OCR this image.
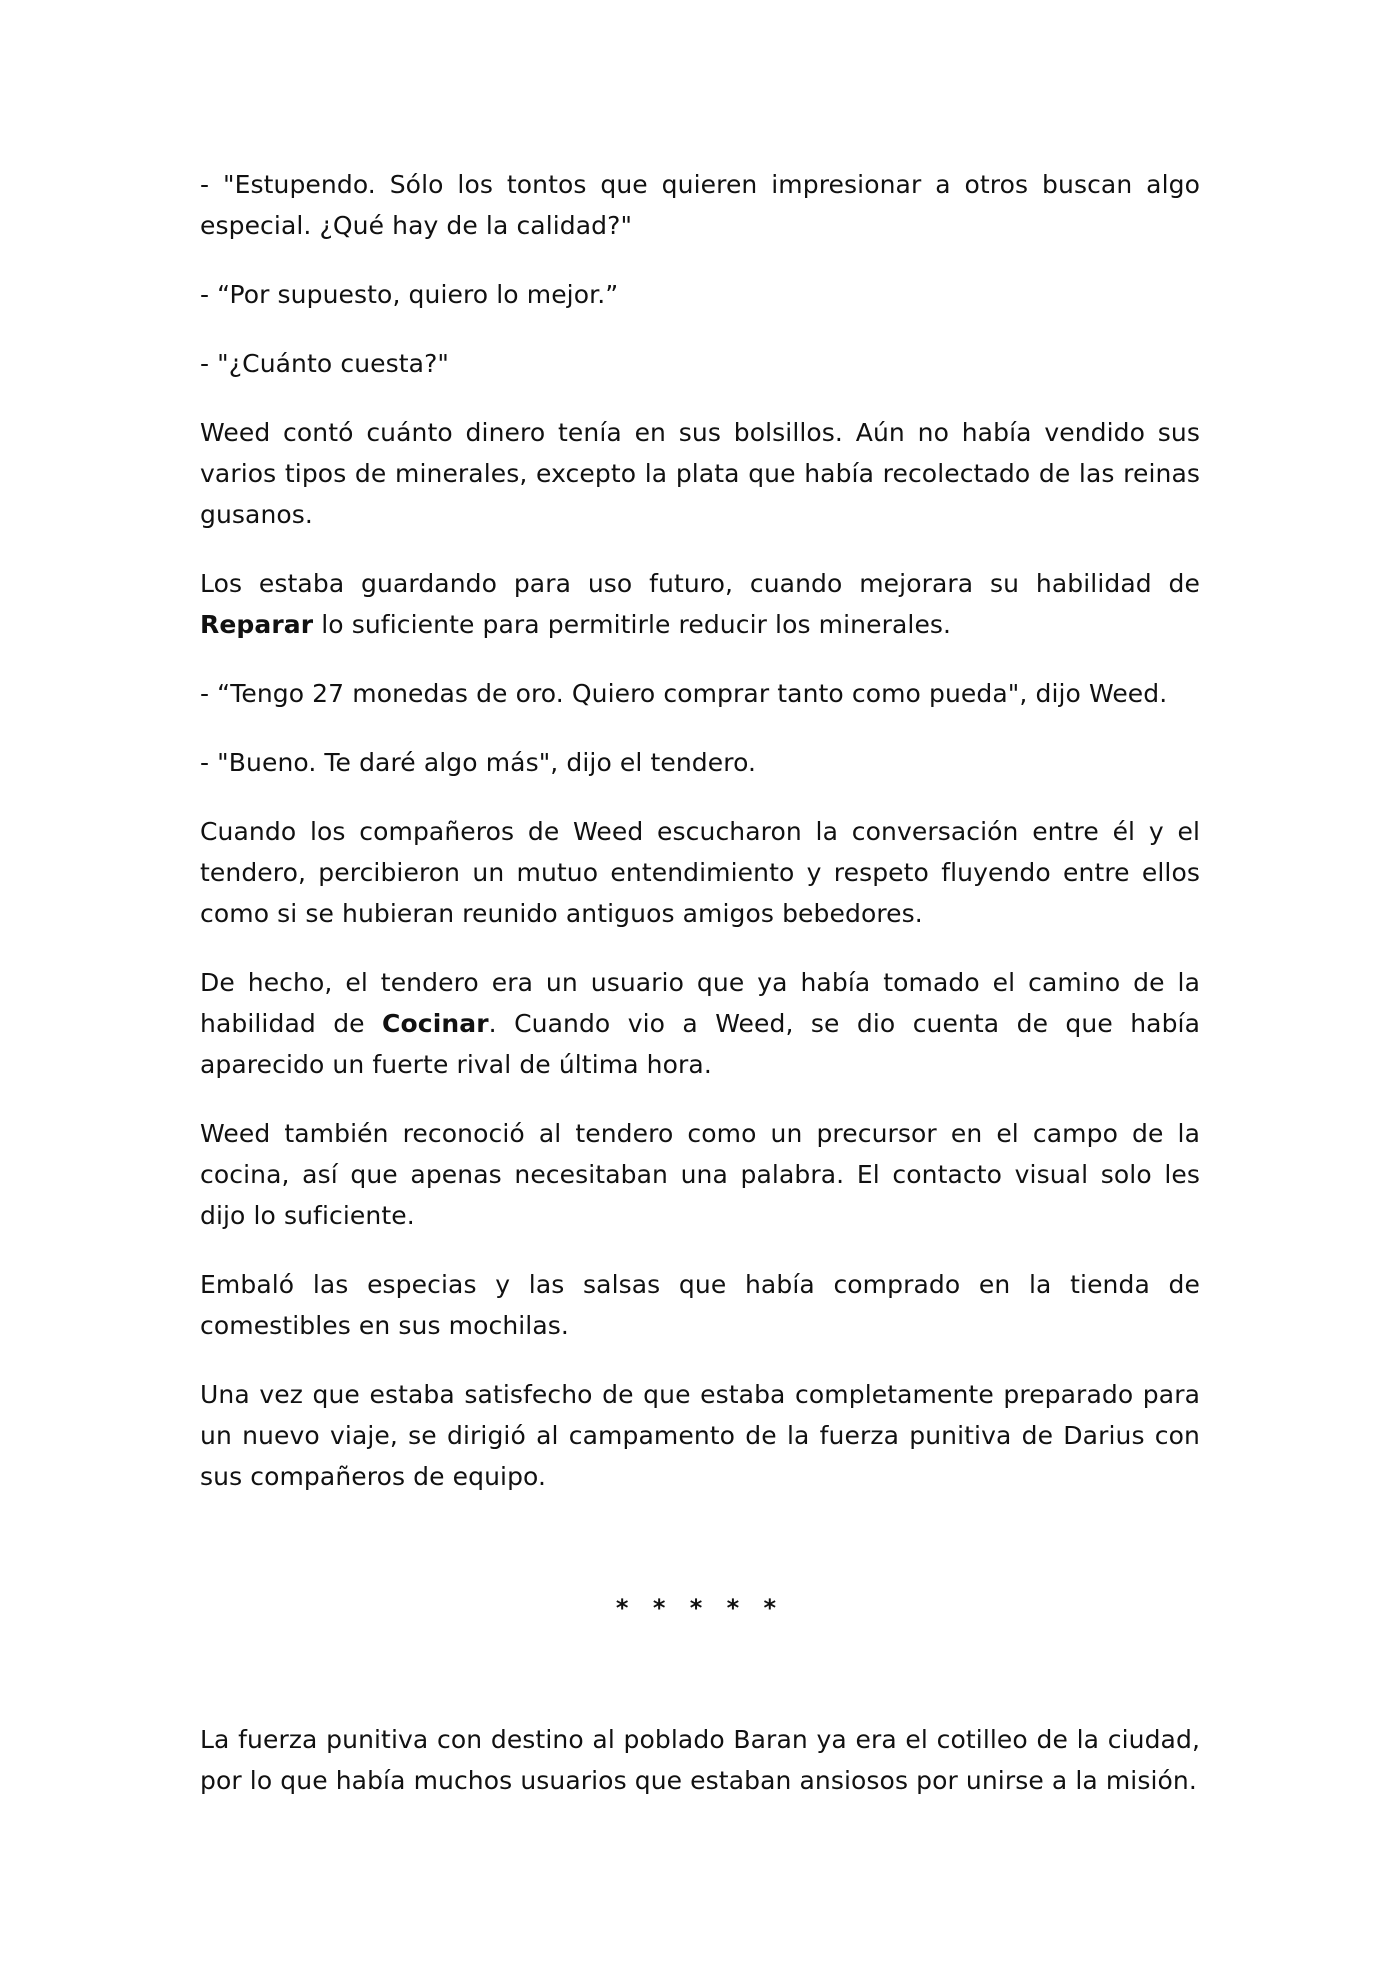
- "Estupendo. Sólo los tontos que quieren impresionar a otros buscan algo especial. ¿Qué hay de la calidad?"

- “Por supuesto, quiero lo mejor.”

- "¿Cuánto cuesta?"

Weed contó cuánto dinero tenía en sus bolsillos. Aún no había vendido sus varios tipos de minerales, excepto la plata que había recolectado de las reinas gusanos.

Los estaba guardando para uso futuro, cuando mejorara su habilidad de Reparar lo suficiente para permitirle reducir los minerales.

- “Tengo 27 monedas de oro. Quiero comprar tanto como pueda", dijo Weed.

- "Bueno. Te daré algo más", dijo el tendero.

Cuando los compañeros de Weed escucharon la conversación entre él y el tendero, percibieron un mutuo entendimiento y respeto fluyendo entre ellos como si se hubieran reunido antiguos amigos bebedores.

De hecho, el tendero era un usuario que ya había tomado el camino de la habilidad de Cocinar. Cuando vio a Weed, se dio cuenta de que había aparecido un fuerte rival de última hora.

Weed también reconoció al tendero como un precursor en el campo de la cocina, así que apenas necesitaban una palabra. El contacto visual solo les dijo lo suficiente.

Embaló las especias y las salsas que había comprado en la tienda de comestibles en sus mochilas.

Una vez que estaba satisfecho de que estaba completamente preparado para un nuevo viaje, se dirigió al campamento de la fuerza punitiva de Darius con sus compañeros de equipo.

* * * * *

La fuerza punitiva con destino al poblado Baran ya era el cotilleo de la ciudad, por lo que había muchos usuarios que estaban ansiosos por unirse a la misión.
